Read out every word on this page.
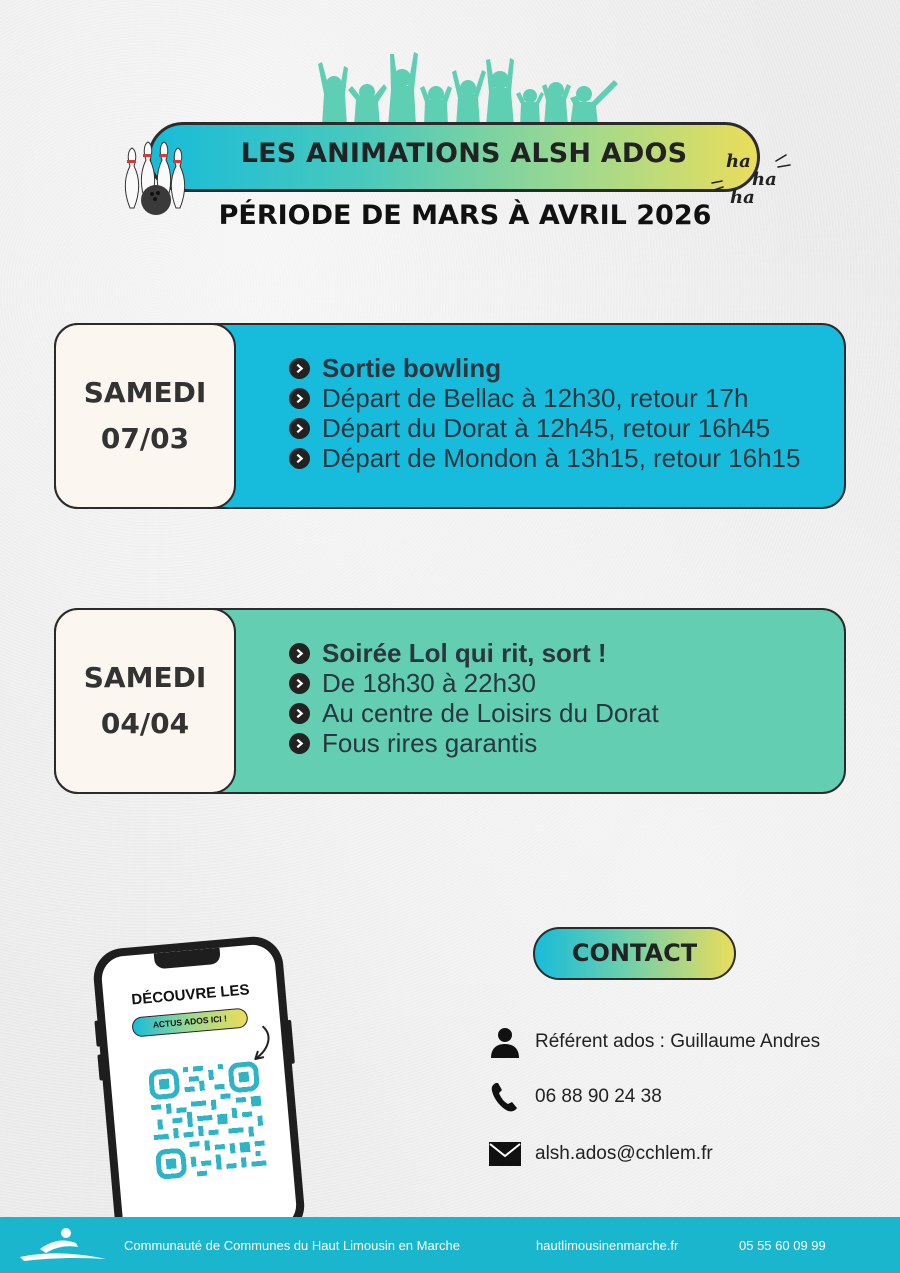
LES ANIMATIONS ALSH ADOS	ha
ha
ha
PÉRIODE DE MARS À AVRIL 2026
SAMEDI
07/03
Sortie bowling
Départ de Bellac à 12h30, retour 17h
Départ du Dorat à 12h45, retour 16h45
Départ de Mondon à 13h15, retour 16h15
SAMEDI
04/04
Soirée Lol qui rit, sort !
De 18h30 à 22h30
Au centre de Loisirs du Dorat
Fous rires garantis
DÉCOUVRE LES
ACTUS ADOS ICI !
CONTACT
Référent ados : Guillaume Andres
06 88 90 24 38
alsh.ados@cchlem.fr
Communauté de Communes du Haut Limousin en Marche	hautlimousinenmarche.fr	05 55 60 09 99
